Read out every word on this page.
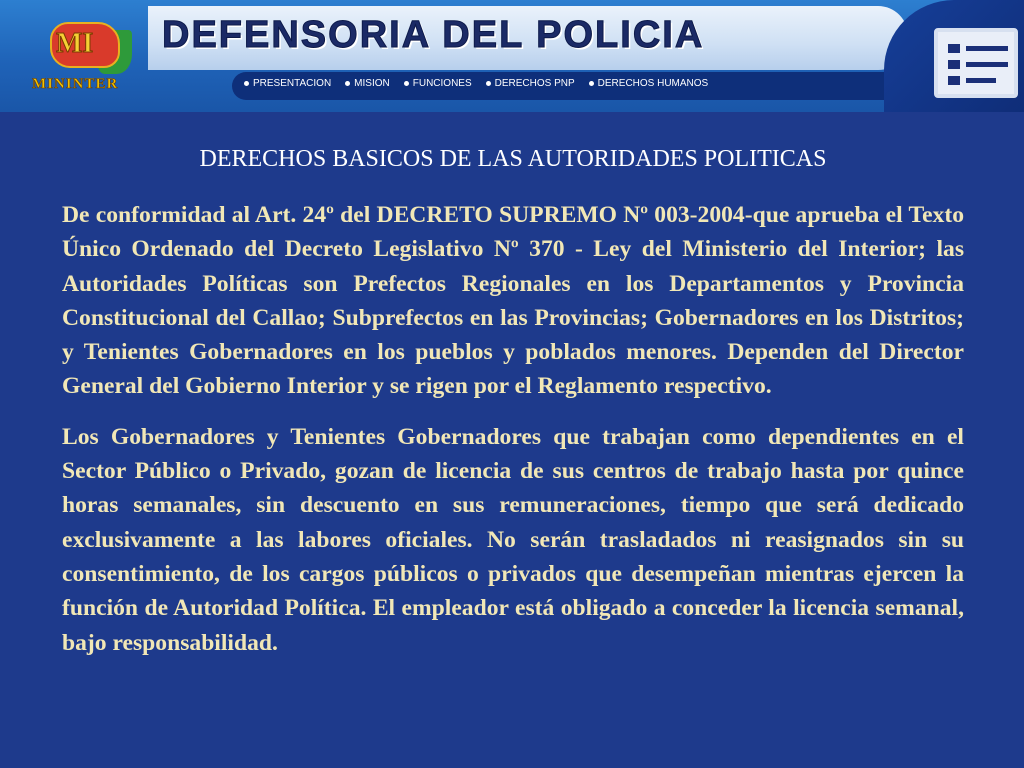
MI
MININTER
DEFENSORIA DEL POLICIA
PRESENTACION MISION FUNCIONES DERECHOS PNP DERECHOS HUMANOS
DERECHOS BASICOS DE LAS AUTORIDADES POLITICAS

De conformidad al Art. 24º del DECRETO SUPREMO Nº 003-2004-que aprueba el Texto Único Ordenado del Decreto Legislativo Nº 370 - Ley del Ministerio del Interior; las Autoridades Políticas son Prefectos Regionales en los Departamentos y Provincia Constitucional del Callao; Subprefectos en las Provincias; Gobernadores en los Distritos; y Tenientes Gobernadores en los pueblos y poblados menores. Dependen del Director General del Gobierno Interior y se rigen por el Reglamento respectivo.

Los Gobernadores y Tenientes Gobernadores que trabajan como dependientes en el Sector Público o Privado, gozan de licencia de sus centros de trabajo hasta por quince horas semanales, sin descuento en sus remuneraciones, tiempo que será dedicado exclusivamente a las labores oficiales. No serán trasladados ni reasignados sin su consentimiento, de los cargos públicos o privados que desempeñan mientras ejercen la función de Autoridad Política. El empleador está obligado a conceder la licencia semanal, bajo responsabilidad.
